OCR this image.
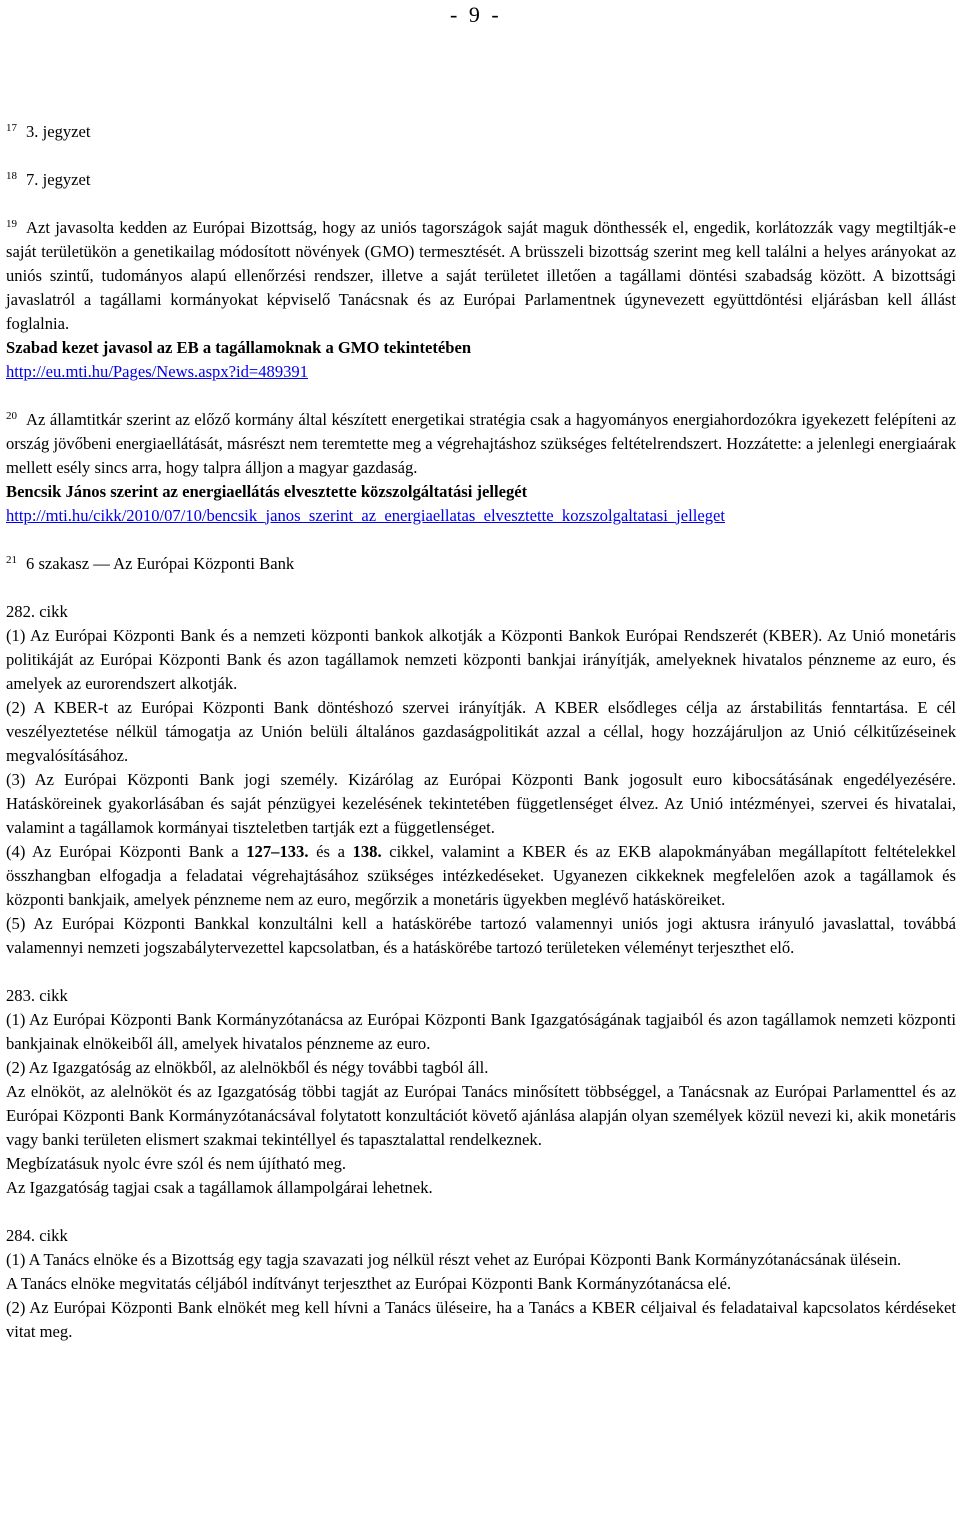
- 9 -

$^{17}$ 3. jegyzet

$^{18}$ 7. jegyzet

$^{19}$ Azt javasolta kedden az Európai Bizottság, hogy az uniós tagországok saját maguk dönthessék el, engedik, korlátozzák vagy megtiltják-e saját területükön a genetikailag módosított növények (GMO) termesztését. A brüsszeli bizottság szerint meg kell találni a helyes arányokat az uniós szintű, tudományos alapú ellenőrzési rendszer, illetve a saját területet illetően a tagállami döntési szabadság között. A bizottsági javaslatról a tagállami kormányokat képviselő Tanácsnak és az Európai Parlamentnek úgynevezett együttdöntési eljárásban kell állást foglalnia.

Szabad kezet javasol az EB a tagállamoknak a GMO tekintetében

http://eu.mti.hu/Pages/News.aspx?id=489391

$^{20}$ Az államtitkár szerint az előző kormány által készített energetikai stratégia csak a hagyományos energiahordozókra igyekezett felépíteni az ország jövőbeni energiaellátását, másrészt nem teremtette meg a végrehajtáshoz szükséges feltételrendszert. Hozzátette: a jelenlegi energiaárak mellett esély sincs arra, hogy talpra álljon a magyar gazdaság.

Bencsik János szerint az energiaellátás elvesztette közszolgáltatási jellegét

http://mti.hu/cikk/2010/07/10/bencsik_janos_szerint_az_energiaellatas_elvesztette_kozszolgaltatasi_jelleget

$^{21}$ 6 szakasz — Az Európai Központi Bank

282. cikk

(1) Az Európai Központi Bank és a nemzeti központi bankok alkotják a Központi Bankok Európai Rendszerét (KBER). Az Unió monetáris politikáját az Európai Központi Bank és azon tagállamok nemzeti központi bankjai irányítják, amelyeknek hivatalos pénzneme az euro, és amelyek az eurorendszert alkotják.

(2) A KBER-t az Európai Központi Bank döntéshozó szervei irányítják. A KBER elsődleges célja az árstabilitás fenntartása. E cél veszélyeztetése nélkül támogatja az Unión belüli általános gazdaságpolitikát azzal a céllal, hogy hozzájáruljon az Unió célkitűzéseinek megvalósításához.

(3) Az Európai Központi Bank jogi személy. Kizárólag az Európai Központi Bank jogosult euro kibocsátásának engedélyezésére. Hatásköreinek gyakorlásában és saját pénzügyei kezelésének tekintetében függetlenséget élvez. Az Unió intézményei, szervei és hivatalai, valamint a tagállamok kormányai tiszteletben tartják ezt a függetlenséget.

(4) Az Európai Központi Bank a 127–133. és a 138. cikkel, valamint a KBER és az EKB alapokmányában megállapított feltételekkel összhangban elfogadja a feladatai végrehajtásához szükséges intézkedéseket. Ugyanezen cikkeknek megfelelően azok a tagállamok és központi bankjaik, amelyek pénzneme nem az euro, megőrzik a monetáris ügyekben meglévő hatásköreiket.

(5) Az Európai Központi Bankkal konzultálni kell a hatáskörébe tartozó valamennyi uniós jogi aktusra irányuló javaslattal, továbbá valamennyi nemzeti jogszabálytervezettel kapcsolatban, és a hatáskörébe tartozó területeken véleményt terjeszthet elő.

283. cikk

(1) Az Európai Központi Bank Kormányzótanácsa az Európai Központi Bank Igazgatóságának tagjaiból és azon tagállamok nemzeti központi bankjainak elnökeiből áll, amelyek hivatalos pénzneme az euro.

(2) Az Igazgatóság az elnökből, az alelnökből és négy további tagból áll.

Az elnököt, az alelnököt és az Igazgatóság többi tagját az Európai Tanács minősített többséggel, a Tanácsnak az Európai Parlamenttel és az Európai Központi Bank Kormányzótanácsával folytatott konzultációt követő ajánlása alapján olyan személyek közül nevezi ki, akik monetáris vagy banki területen elismert szakmai tekintéllyel és tapasztalattal rendelkeznek.

Megbízatásuk nyolc évre szól és nem újítható meg.

Az Igazgatóság tagjai csak a tagállamok állampolgárai lehetnek.

284. cikk

(1) A Tanács elnöke és a Bizottság egy tagja szavazati jog nélkül részt vehet az Európai Központi Bank Kormányzótanácsának ülésein.

A Tanács elnöke megvitatás céljából indítványt terjeszthet az Európai Központi Bank Kormányzótanácsa elé.

(2) Az Európai Központi Bank elnökét meg kell hívni a Tanács üléseire, ha a Tanács a KBER céljaival és feladataival kapcsolatos kérdéseket vitat meg.
